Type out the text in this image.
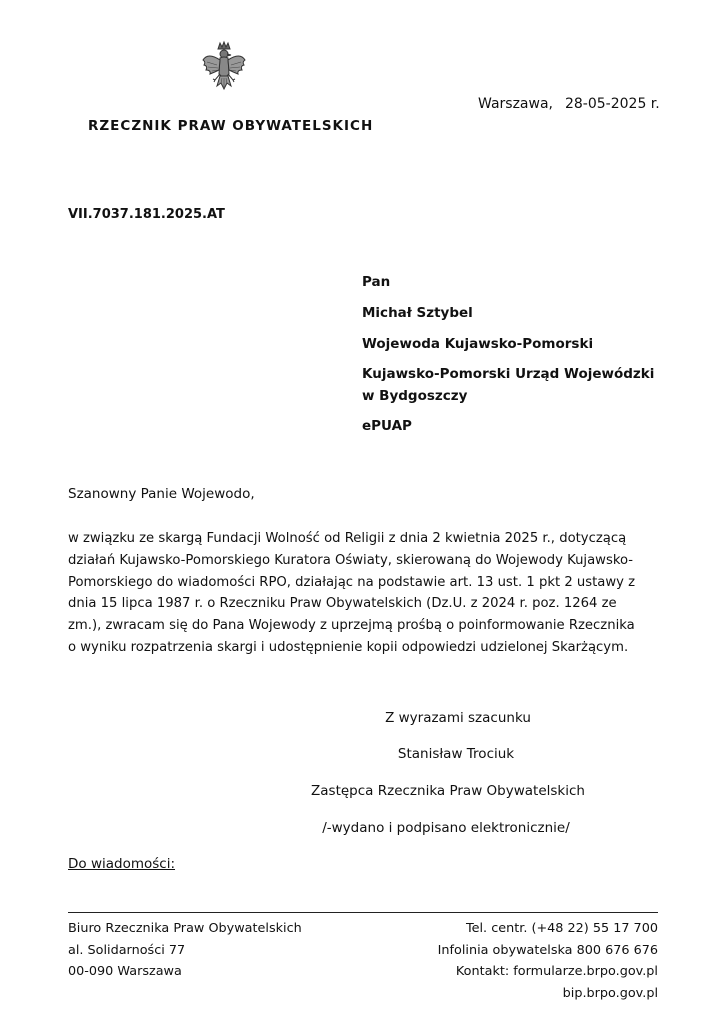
RZECZNIK PRAW OBYWATELSKICH
Warszawa, 28-05-2025 r.
VII.7037.181.2025.AT
Pan
Michał Sztybel
Wojewoda Kujawsko-Pomorski
Kujawsko-Pomorski Urząd Wojewódzki
w Bydgoszczy
ePUAP
Szanowny Panie Wojewodo,
w związku ze skargą Fundacji Wolność od Religii z dnia 2 kwietnia 2025 r., dotyczącą
działań Kujawsko-Pomorskiego Kuratora Oświaty, skierowaną do Wojewody Kujawsko-
Pomorskiego do wiadomości RPO, działając na podstawie art. 13 ust. 1 pkt 2 ustawy z
dnia 15 lipca 1987 r. o Rzeczniku Praw Obywatelskich (Dz.U. z 2024 r. poz. 1264 ze
zm.), zwracam się do Pana Wojewody z uprzejmą prośbą o poinformowanie Rzecznika
o wyniku rozpatrzenia skargi i udostępnienie kopii odpowiedzi udzielonej Skarżącym.
Z wyrazami szacunku
Stanisław Trociuk
Zastępca Rzecznika Praw Obywatelskich
/-wydano i podpisano elektronicznie/
Do wiadomości:
Biuro Rzecznika Praw Obywatelskich
al. Solidarności 77
00-090 Warszawa
Tel. centr. (+48 22) 55 17 700
Infolinia obywatelska 800 676 676
Kontakt: formularze.brpo.gov.pl
bip.brpo.gov.pl
